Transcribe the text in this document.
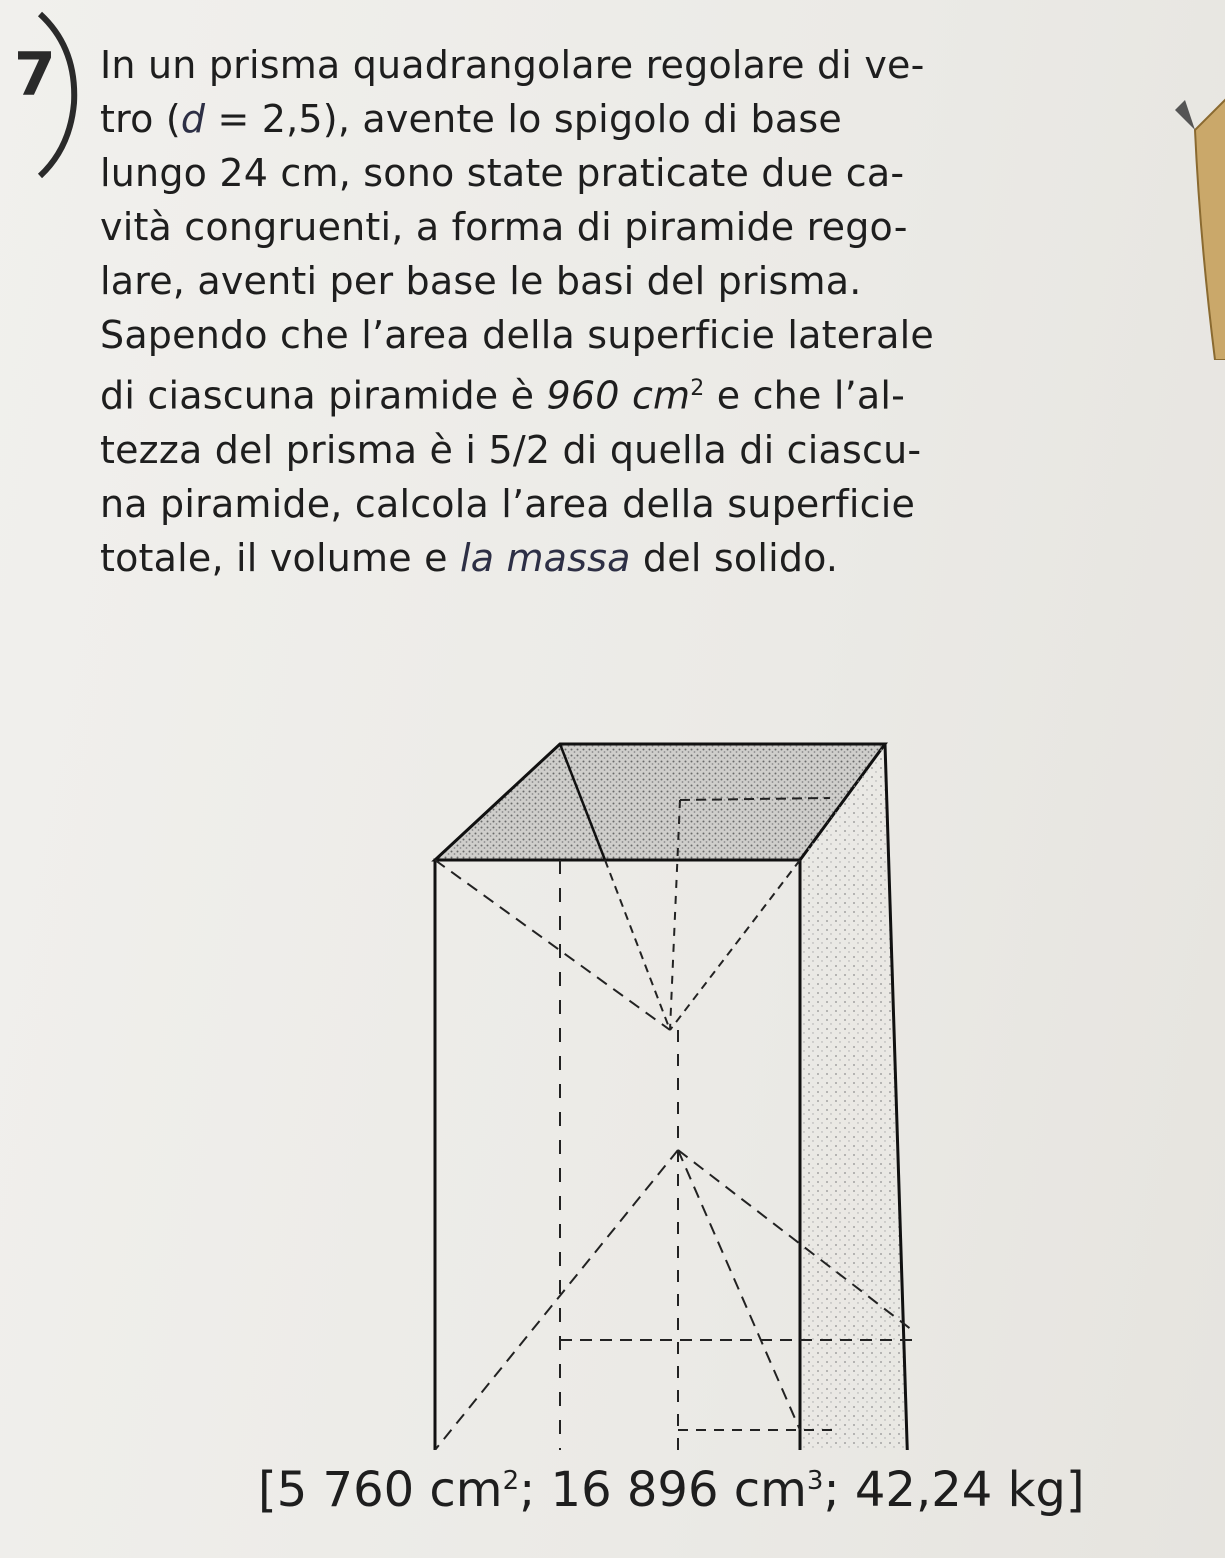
7 In un prisma quadrangolare regolare di ve-
tro (d = 2,5), avente lo spigolo di base
lungo 24 cm, sono state praticate due ca-
vità congruenti, a forma di piramide rego-
lare, aventi per base le basi del prisma.
Sapendo che l’area della superficie laterale
di ciascuna piramide è 960 $cm^2$ e che l’al-
tezza del prisma è i 5/2 di quella di ciascu-
na piramide, calcola l’area della superficie
totale, il volume e la massa del solido.
[5 760 $cm^2$; 16 896 $cm^3$; 42,24 kg]
